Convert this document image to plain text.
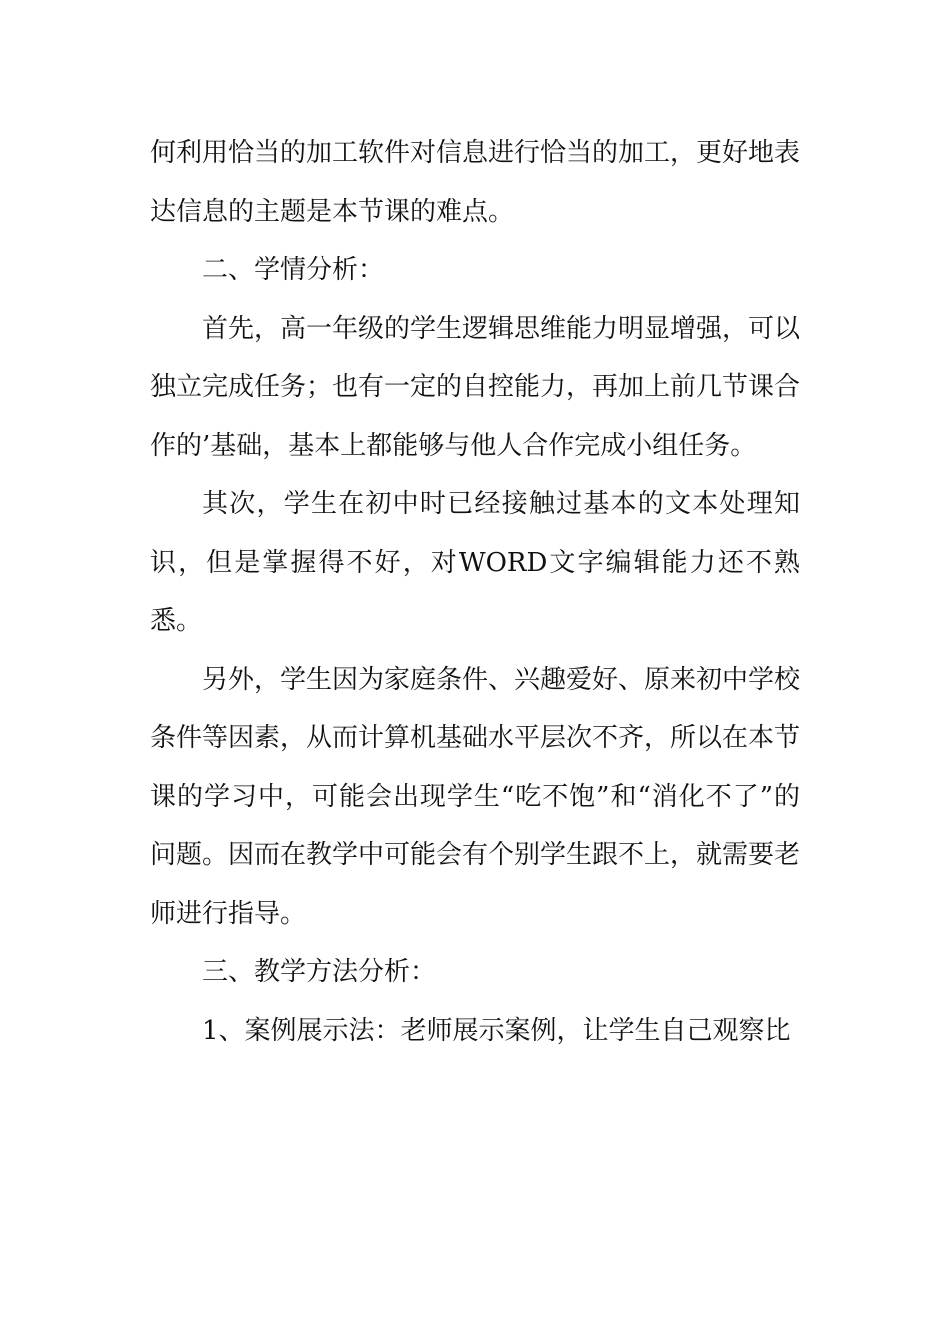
何利用恰当的加工软件对信息进行恰当的加工，更好地表达信息的主题是本节课的难点。

二、学情分析：

首先，高一年级的学生逻辑思维能力明显增强，可以独立完成任务；也有一定的自控能力，再加上前几节课合作的’基础，基本上都能够与他人合作完成小组任务。

其次，学生在初中时已经接触过基本的文本处理知识，但是掌握得不好，对WORD文字编辑能力还不熟悉。

另外，学生因为家庭条件、兴趣爱好、原来初中学校条件等因素，从而计算机基础水平层次不齐，所以在本节课的学习中，可能会出现学生“吃不饱”和“消化不了”的问题。因而在教学中可能会有个别学生跟不上，就需要老师进行指导。

三、教学方法分析：

1、案例展示法：老师展示案例，让学生自己观察比
